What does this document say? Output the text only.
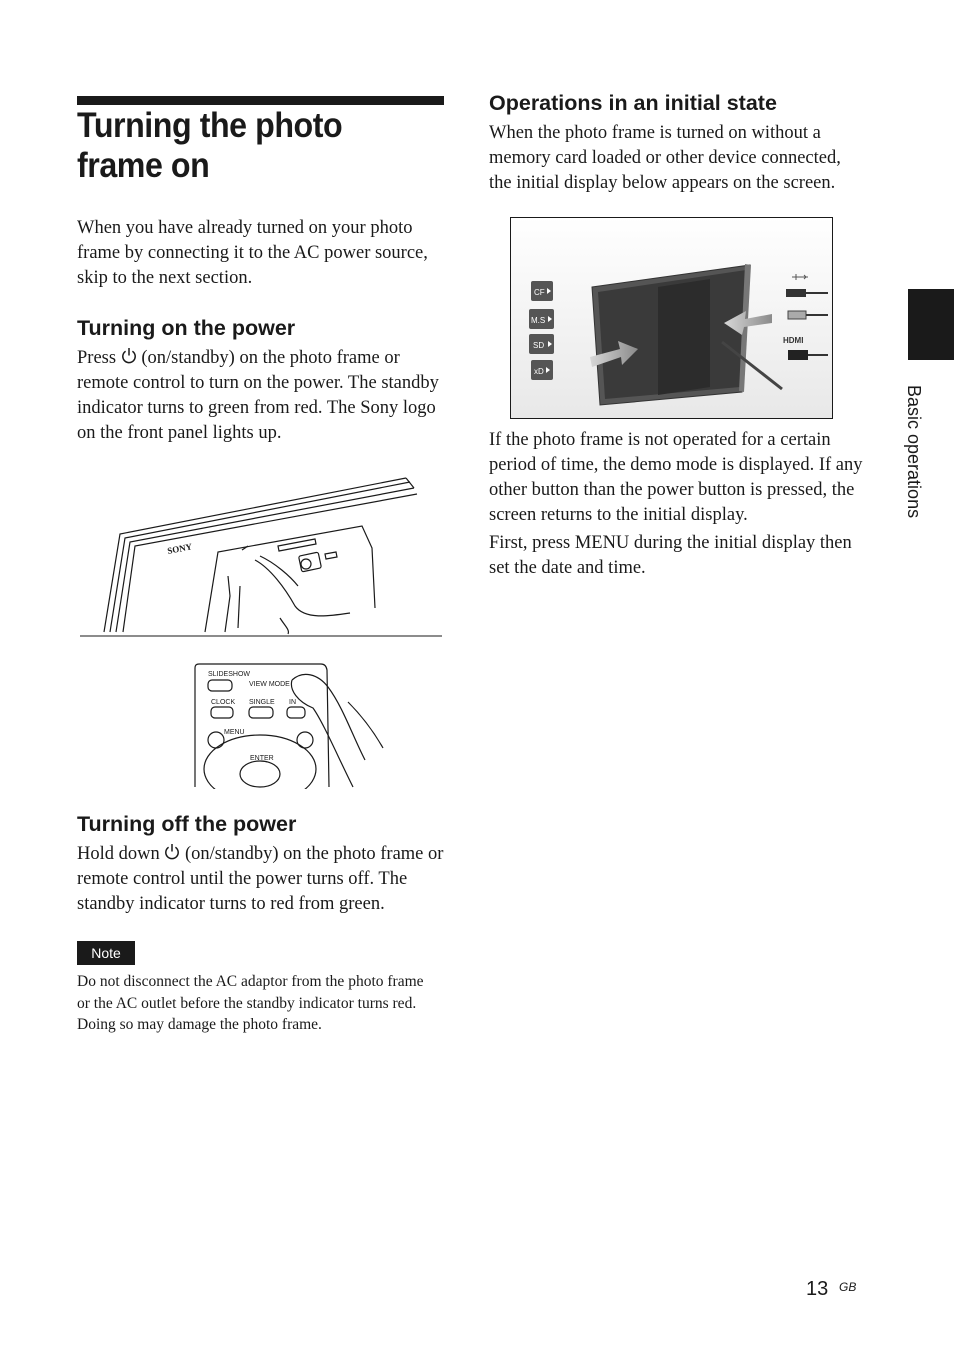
Turning the photo frame on
When you have already turned on your photo frame by connecting it to the AC power source, skip to the next section.
Turning on the power
Press (on/standby) on the photo frame or remote control to turn on the power. The standby indicator turns to green from red. The Sony logo on the front panel lights up.
SONY
SLIDESHOW
VIEW MODE
CLOCK SINGLE IN
MENU
ENTER
Turning off the power
Hold down (on/standby) on the photo frame or remote control until the power turns off. The standby indicator turns to red from green.
Note
Do not disconnect the AC adaptor from the photo frame or the AC outlet before the standby indicator turns red. Doing so may damage the photo frame.
Operations in an initial state
When the photo frame is turned on without a memory card loaded or other device connected, the initial display below appears on the screen.
CF
M.S
SD
xD
HDMI
If the photo frame is not operated for a certain period of time, the demo mode is displayed. If any other button than the power button is pressed, the screen returns to the initial display.
First, press MENU during the initial display then set the date and time.
Basic operations
13 GB
